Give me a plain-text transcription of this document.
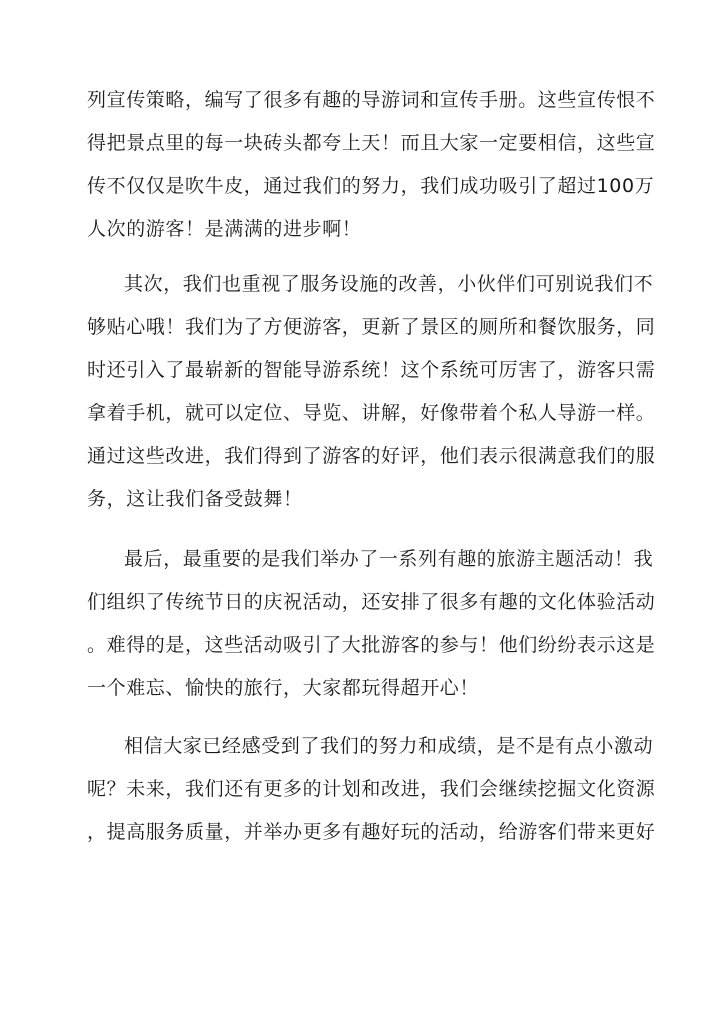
列宣传策略，编写了很多有趣的导游词和宣传手册。这些宣传恨不
得把景点里的每一块砖头都夸上天！而且大家一定要相信，这些宣
传不仅仅是吹牛皮，通过我们的努力，我们成功吸引了超过100万
人次的游客！是满满的进步啊！
其次，我们也重视了服务设施的改善，小伙伴们可别说我们不
够贴心哦！我们为了方便游客，更新了景区的厕所和餐饮服务，同
时还引入了最崭新的智能导游系统！这个系统可厉害了，游客只需
拿着手机，就可以定位、导览、讲解，好像带着个私人导游一样。
通过这些改进，我们得到了游客的好评，他们表示很满意我们的服
务，这让我们备受鼓舞！
最后，最重要的是我们举办了一系列有趣的旅游主题活动！我
们组织了传统节日的庆祝活动，还安排了很多有趣的文化体验活动
。难得的是，这些活动吸引了大批游客的参与！他们纷纷表示这是
一个难忘、愉快的旅行，大家都玩得超开心！
相信大家已经感受到了我们的努力和成绩，是不是有点小激动
呢？未来，我们还有更多的计划和改进，我们会继续挖掘文化资源
，提高服务质量，并举办更多有趣好玩的活动，给游客们带来更好
